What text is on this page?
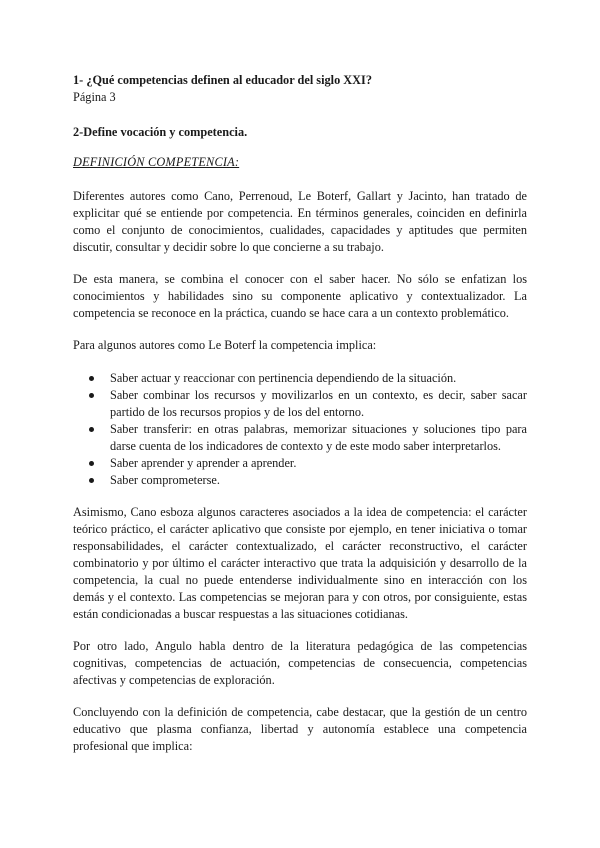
1- ¿Qué competencias definen al educador del siglo XXI?

Página 3

2-Define vocación y competencia.

DEFINICIÓN COMPETENCIA:

Diferentes autores como Cano, Perrenoud, Le Boterf, Gallart y Jacinto, han tratado de explicitar qué se entiende por competencia. En términos generales, coinciden en definirla como el conjunto de conocimientos, cualidades, capacidades y aptitudes que permiten discutir, consultar y decidir sobre lo que concierne a su trabajo.

De esta manera, se combina el conocer con el saber hacer. No sólo se enfatizan los conocimientos y habilidades sino su componente aplicativo y contextualizador. La competencia se reconoce en la práctica, cuando se hace cara a un contexto problemático.

Para algunos autores como Le Boterf la competencia implica:

Saber actuar y reaccionar con pertinencia dependiendo de la situación.
Saber combinar los recursos y movilizarlos en un contexto, es decir, saber sacar partido de los recursos propios y de los del entorno.
Saber transferir: en otras palabras, memorizar situaciones y soluciones tipo para darse cuenta de los indicadores de contexto y de este modo saber interpretarlos.
Saber aprender y aprender a aprender.
Saber comprometerse.

Asimismo, Cano esboza algunos caracteres asociados a la idea de competencia: el carácter teórico práctico, el carácter aplicativo que consiste por ejemplo, en tener iniciativa o tomar responsabilidades, el carácter contextualizado, el carácter reconstructivo, el carácter combinatorio y por último el carácter interactivo que trata la adquisición y desarrollo de la competencia, la cual no puede entenderse individualmente sino en interacción con los demás y el contexto. Las competencias se mejoran para y con otros, por consiguiente, estas están condicionadas a buscar respuestas a las situaciones cotidianas.

Por otro lado, Angulo habla dentro de la literatura pedagógica de las competencias cognitivas, competencias de actuación, competencias de consecuencia, competencias afectivas y competencias de exploración.

Concluyendo con la definición de competencia, cabe destacar, que la gestión de un centro educativo que plasma confianza, libertad y autonomía establece una competencia profesional que implica:
